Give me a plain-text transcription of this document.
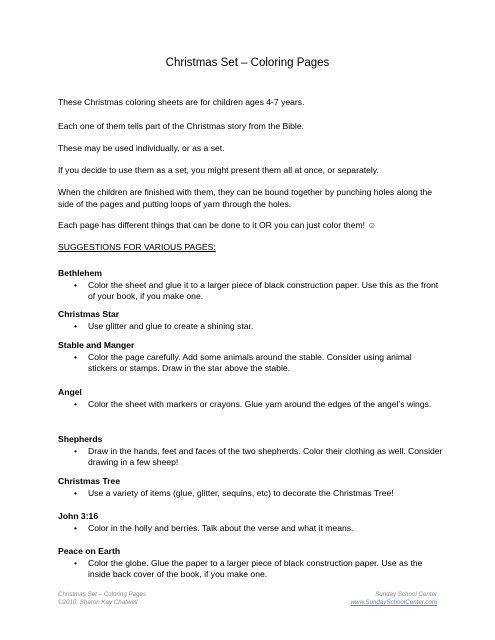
Christmas Set – Coloring Pages

These Christmas coloring sheets are for children ages 4-7 years.

Each one of them tells part of the Christmas story from the Bible.

These may be used individually, or as a set.

If you decide to use them as a set, you might present them all at once, or separately.

When the children are finished with them, they can be bound together by punching holes along the side of the pages and putting loops of yarn through the holes.

Each page has different things that can be done to it OR you can just color them! ☺

SUGGESTIONS FOR VARIOUS PAGES:

Bethlehem
• Color the sheet and glue it to a larger piece of black construction paper. Use this as the front of your book, if you make one.
Christmas Star
• Use glitter and glue to create a shining star.
Stable and Manger
• Color the page carefully. Add some animals around the stable. Consider using animal stickers or stamps. Draw in the star above the stable.
Angel
• Color the sheet with markers or crayons. Glue yarn around the edges of the angel’s wings.
Shepherds
• Draw in the hands, feet and faces of the two shepherds. Color their clothing as well. Consider drawing in a few sheep!
Christmas Tree
• Use a variety of items (glue, glitter, sequins, etc) to decorate the Christmas Tree!
John 3:16
• Color in the holly and berries. Talk about the verse and what it means.
Peace on Earth
• Color the globe. Glue the paper to a larger piece of black construction paper. Use as the inside back cover of the book, if you make one.
Christmas Set – Coloring Pages
©2010, Sharon Kay Chatwell
Sunday School Center
www.SundaySchoolCenter.com
